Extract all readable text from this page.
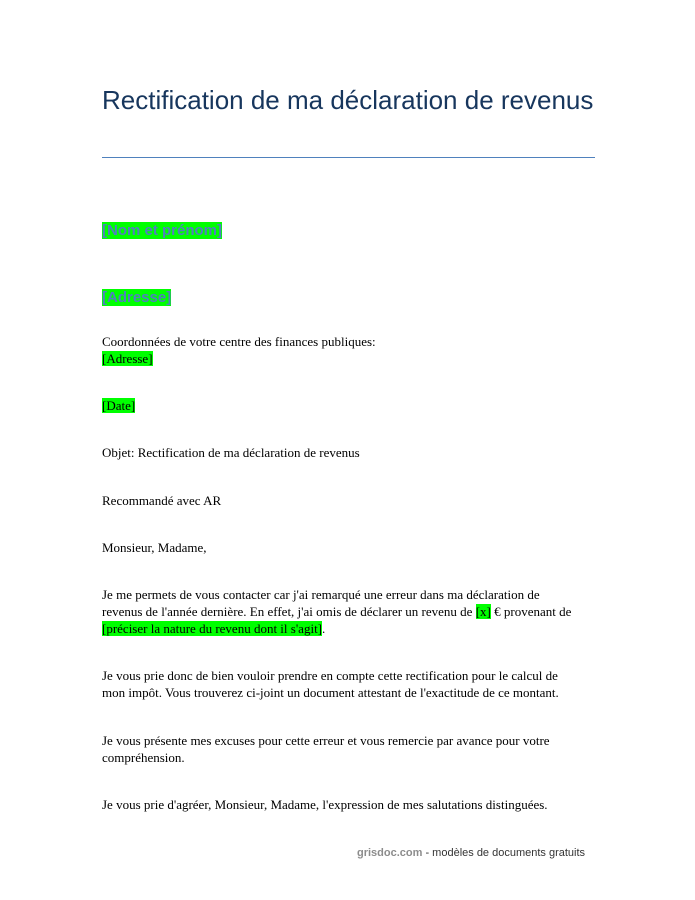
Rectification de ma déclaration de revenus
[Nom et prénom]
[Adresse]
Coordonnées de votre centre des finances publiques:
[Adresse]
[Date]
Objet: Rectification de ma déclaration de revenus
Recommandé avec AR
Monsieur, Madame,
Je me permets de vous contacter car j'ai remarqué une erreur dans ma déclaration de
revenus de l'année dernière. En effet, j'ai omis de déclarer un revenu de [x] € provenant de
[préciser la nature du revenu dont il s'agit].
Je vous prie donc de bien vouloir prendre en compte cette rectification pour le calcul de
mon impôt. Vous trouverez ci-joint un document attestant de l'exactitude de ce montant.
Je vous présente mes excuses pour cette erreur et vous remercie par avance pour votre
compréhension.
Je vous prie d'agréer, Monsieur, Madame, l'expression de mes salutations distinguées.
grisdoc.com - modèles de documents gratuits
